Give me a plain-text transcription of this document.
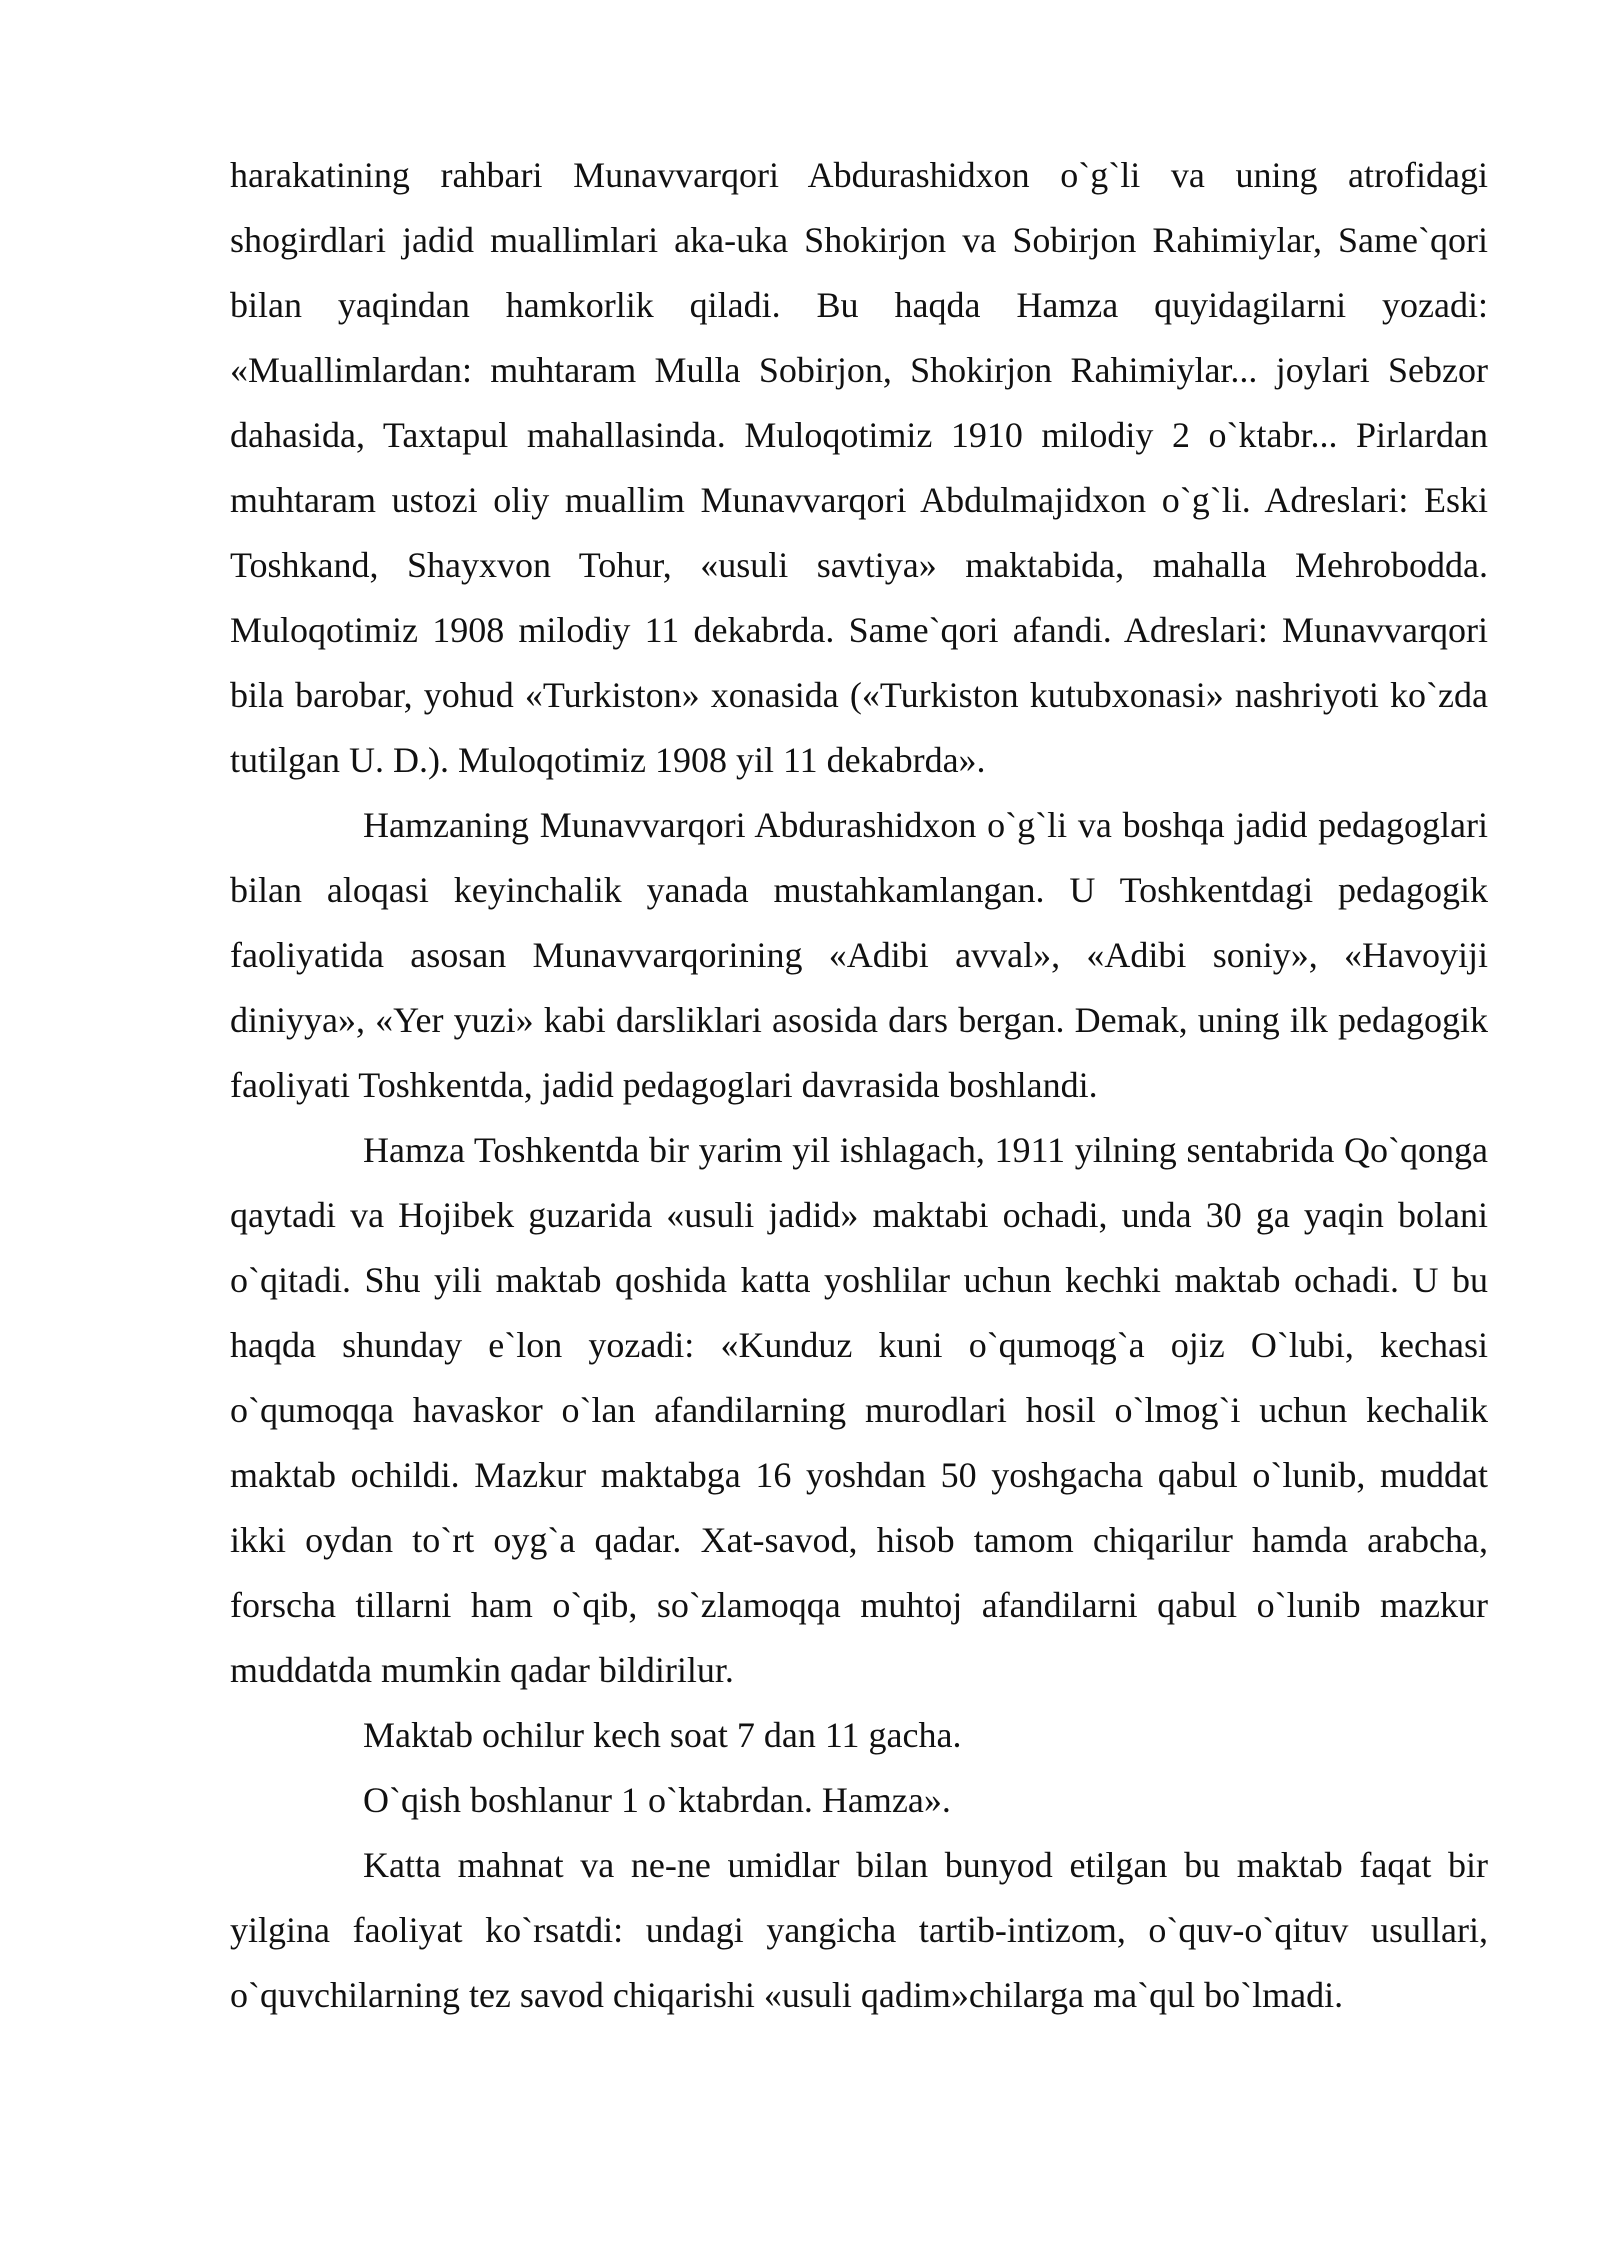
harakatining rahbari Munavvarqori Abdurashidxon o`g`li va uning atrofidagi shogirdlari jadid muallimlari aka-uka Shokirjon va Sobirjon Rahimiylar, Same`qori bilan yaqindan hamkorlik qiladi. Bu haqda Hamza quyidagilarni yozadi: «Muallimlardan: muhtaram Mulla Sobirjon, Shokirjon Rahimiylar... joylari Sebzor dahasida, Taxtapul mahallasinda. Muloqotimiz 1910 milodiy 2 o`ktabr... Pirlardan muhtaram ustozi oliy muallim Munavvarqori Abdulmajidxon o`g`li. Adreslari: Eski Toshkand, Shayxvon Tohur, «usuli savtiya» maktabida, mahalla Mehrobodda. Muloqotimiz 1908 milodiy 11 dekabrda. Same`qori afandi. Adreslari: Munavvarqori bila barobar, yohud «Turkiston» xonasida («Turkiston kutubxonasi» nashriyoti ko`zda tutilgan U. D.). Muloqotimiz 1908 yil 11 dekabrda».

Hamzaning Munavvarqori Abdurashidxon o`g`li va boshqa jadid pedagoglari bilan aloqasi keyinchalik yanada mustahkamlangan. U Toshkentdagi pedagogik faoliyatida asosan Munavvarqorining «Adibi avval», «Adibi soniy», «Havoyiji diniyya», «Yer yuzi» kabi darsliklari asosida dars bergan. Demak, uning ilk pedagogik faoliyati Toshkentda, jadid pedagoglari davrasida boshlandi.

Hamza Toshkentda bir yarim yil ishlagach, 1911 yilning sentabrida Qo`qonga qaytadi va Hojibek guzarida «usuli jadid» maktabi ochadi, unda 30 ga yaqin bolani o`qitadi. Shu yili maktab qoshida katta yoshlilar uchun kechki maktab ochadi. U bu haqda shunday e`lon yozadi: «Kunduz kuni o`qumoqg`a ojiz O`lubi, kechasi o`qumoqqa havaskor o`lan afandilarning murodlari hosil o`lmog`i uchun kechalik maktab ochildi. Mazkur maktabga 16 yoshdan 50 yoshgacha qabul o`lunib, muddat ikki oydan to`rt oyg`a qadar. Xat-savod, hisob tamom chiqarilur hamda arabcha, forscha tillarni ham o`qib, so`zlamoqqa muhtoj afandilarni qabul o`lunib mazkur muddatda mumkin qadar bildirilur.

Maktab ochilur kech soat 7 dan 11 gacha.

O`qish boshlanur 1 o`ktabrdan. Hamza».

Katta mahnat va ne-ne umidlar bilan bunyod etilgan bu maktab faqat bir yilgina faoliyat ko`rsatdi: undagi yangicha tartib-intizom, o`quv-o`qituv usullari, o`quvchilarning tez savod chiqarishi «usuli qadim»chilarga ma`qul bo`lmadi.
